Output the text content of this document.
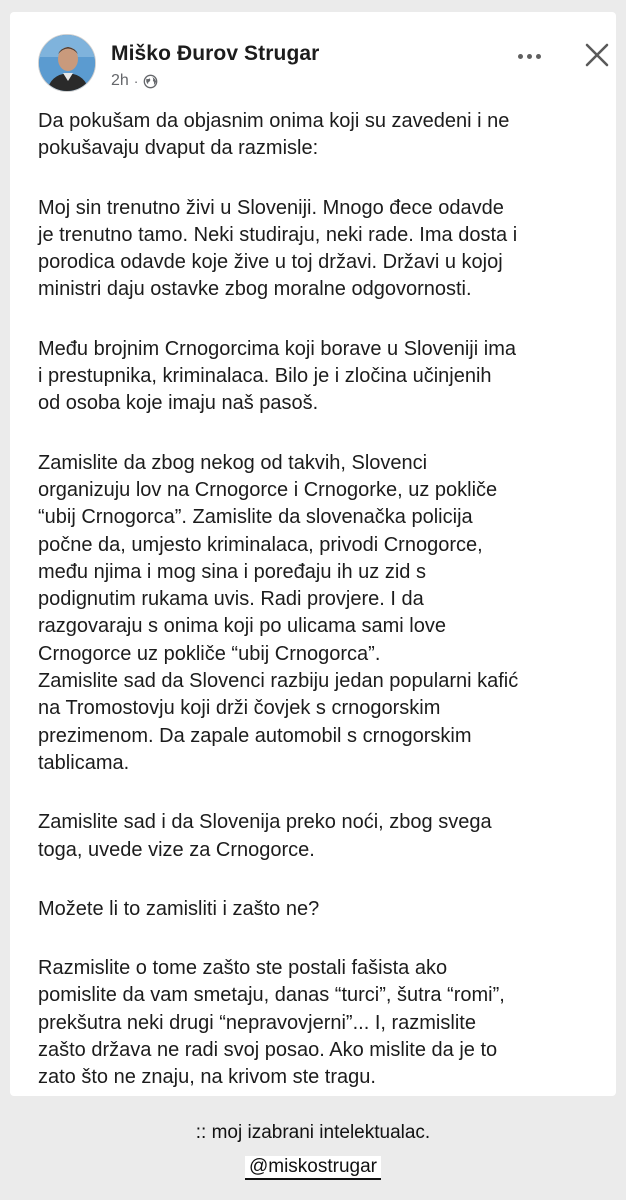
Miško Đurov Strugar
2h ·

Da pokušam da objasnim onima koji su zavedeni i ne
pokušavaju dvaput da razmisle:

Moj sin trenutno živi u Sloveniji. Mnogo đece odavde
je trenutno tamo. Neki studiraju, neki rade. Ima dosta i
porodica odavde koje žive u toj državi. Državi u kojoj
ministri daju ostavke zbog moralne odgovornosti.

Među brojnim Crnogorcima koji borave u Sloveniji ima
i prestupnika, kriminalaca. Bilo je i zločina učinjenih
od osoba koje imaju naš pasoš.

Zamislite da zbog nekog od takvih, Slovenci
organizuju lov na Crnogorce i Crnogorke, uz pokliče
“ubij Crnogorca”. Zamislite da slovenačka policija
počne da, umjesto kriminalaca, privodi Crnogorce,
među njima i mog sina i poređaju ih uz zid s
podignutim rukama uvis. Radi provjere. I da
razgovaraju s onima koji po ulicama sami love
Crnogorce uz pokliče “ubij Crnogorca”.
Zamislite sad da Slovenci razbiju jedan popularni kafić
na Tromostovju koji drži čovjek s crnogorskim
prezimenom. Da zapale automobil s crnogorskim
tablicama.

Zamislite sad i da Slovenija preko noći, zbog svega
toga, uvede vize za Crnogorce.

Možete li to zamisliti i zašto ne?

Razmislite o tome zašto ste postali fašista ako
pomislite da vam smetaju, danas “turci”, šutra “romi”,
prekšutra neki drugi “nepravovjerni”... I, razmislite
zašto država ne radi svoj posao. Ako mislite da je to
zato što ne znaju, na krivom ste tragu.

:: moj izabrani intelektualac.
@miskostrugar
